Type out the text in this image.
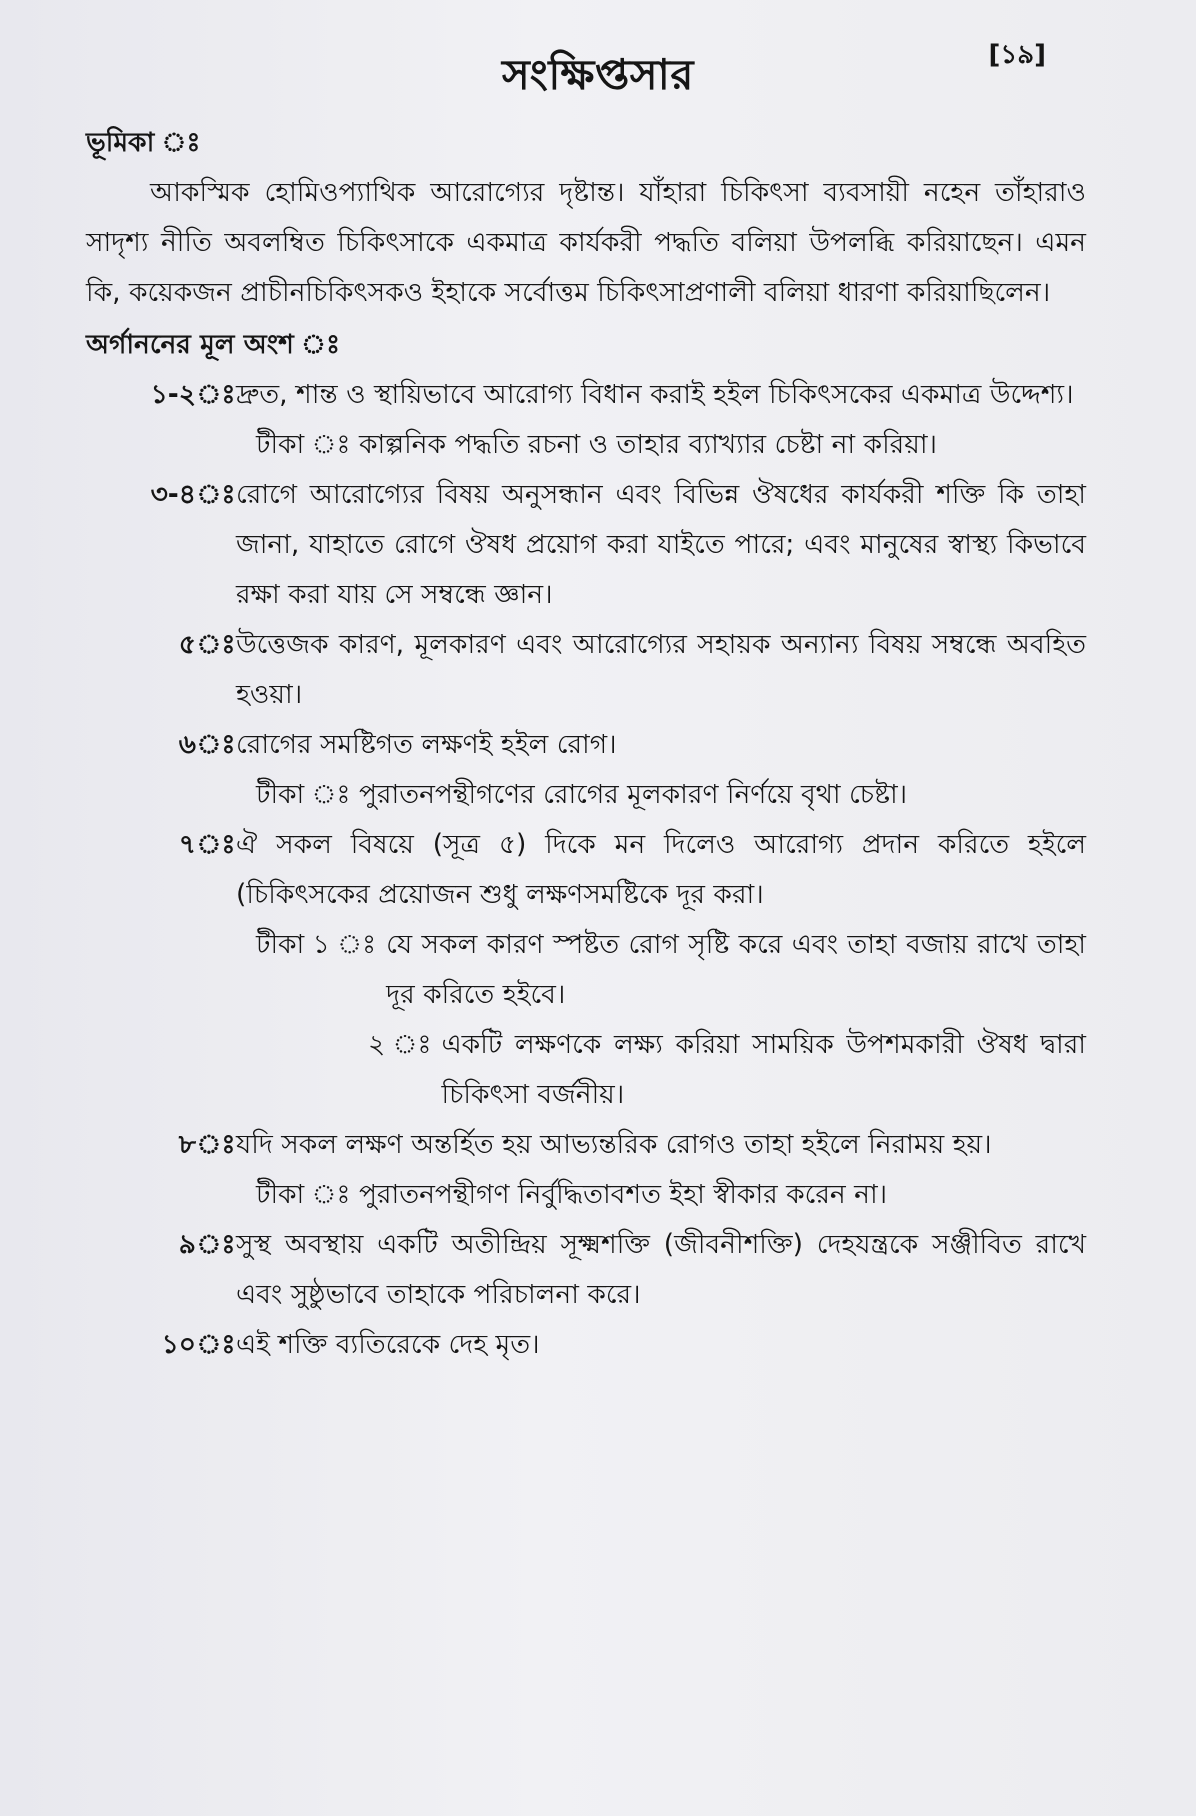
[১৯]
সংক্ষিপ্তসার
ভূমিকা ঃ

আকস্মিক হোমিওপ্যাথিক আরোগ্যের দৃষ্টান্ত। যাঁহারা চিকিৎসা ব্যবসায়ী নহেন তাঁহারাও সাদৃশ্য নীতি অবলম্বিত চিকিৎসাকে একমাত্র কার্যকরী পদ্ধতি বলিয়া উপলব্ধি করিয়াছেন। এমন কি, কয়েকজন প্রাচীনচিকিৎসকও ইহাকে সর্বোত্তম চিকিৎসাপ্রণালী বলিয়া ধারণা করিয়াছিলেন।

অর্গাননের মূল অংশ ঃ
১-২ ঃ দ্রুত, শান্ত ও স্থায়িভাবে আরোগ্য বিধান করাই হইল চিকিৎসকের একমাত্র উদ্দেশ্য।
টীকা ঃ কাল্পনিক পদ্ধতি রচনা ও তাহার ব্যাখ্যার চেষ্টা না করিয়া।
৩-৪ ঃ রোগে আরোগ্যের বিষয় অনুসন্ধান এবং বিভিন্ন ঔষধের কার্যকরী শক্তি কি তাহা জানা, যাহাতে রোগে ঔষধ প্রয়োগ করা যাইতে পারে; এবং মানুষের স্বাস্থ্য কিভাবে রক্ষা করা যায় সে সম্বন্ধে জ্ঞান।
৫ ঃ উত্তেজক কারণ, মূলকারণ এবং আরোগ্যের সহায়ক অন্যান্য বিষয় সম্বন্ধে অবহিত হওয়া।
৬ ঃ রোগের সমষ্টিগত লক্ষণই হইল রোগ।
টীকা ঃ পুরাতনপন্থীগণের রোগের মূলকারণ নির্ণয়ে বৃথা চেষ্টা।
৭ ঃ ঐ সকল বিষয়ে (সূত্র ৫) দিকে মন দিলেও আরোগ্য প্রদান করিতে হইলে (চিকিৎসকের প্রয়োজন শুধু লক্ষণসমষ্টিকে দূর করা।
টীকা ১ ঃ যে সকল কারণ স্পষ্টত রোগ সৃষ্টি করে এবং তাহা বজায় রাখে তাহা দূর করিতে হইবে।
২ ঃ একটি লক্ষণকে লক্ষ্য করিয়া সাময়িক উপশমকারী ঔষধ দ্বারা চিকিৎসা বর্জনীয়।
৮ ঃ যদি সকল লক্ষণ অন্তর্হিত হয় আভ্যন্তরিক রোগও তাহা হইলে নিরাময় হয়।
টীকা ঃ পুরাতনপন্থীগণ নির্বুদ্ধিতাবশত ইহা স্বীকার করেন না।
৯ ঃ সুস্থ অবস্থায় একটি অতীন্দ্রিয় সূক্ষ্মশক্তি (জীবনীশক্তি) দেহযন্ত্রকে সঞ্জীবিত রাখে এবং সুষ্ঠুভাবে তাহাকে পরিচালনা করে।
১০ ঃ এই শক্তি ব্যতিরেকে দেহ মৃত।
